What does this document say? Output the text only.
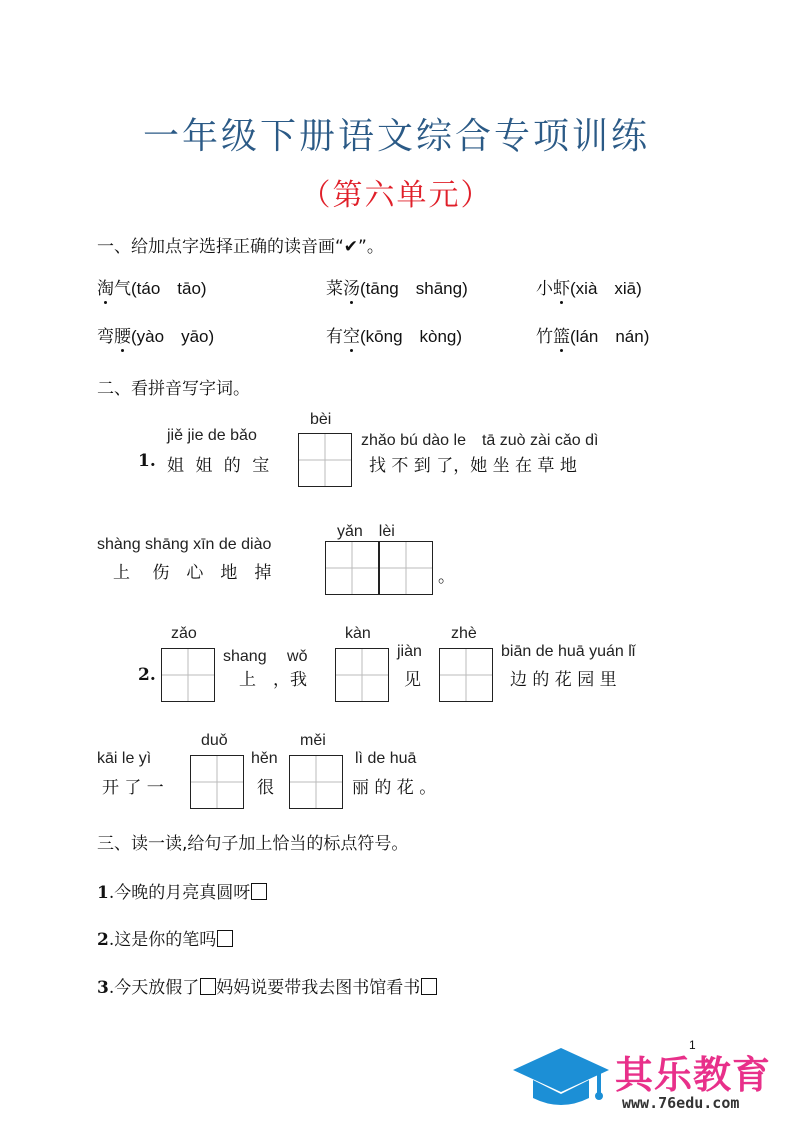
一年级下册语文综合专项训练
（第六单元）
一、给加点字选择正确的读音画“✔”。
淘气(táo　tāo)	菜汤(tāng　shāng)	小虾(xià　xiā)
弯腰(yào　yāo)	有空(kōng　kòng)	竹篮(lán　nán)
二、看拼音写字词。
jiě jie de bǎo
1. 姐 姐 的 宝
bèi
zhǎo bú dào le　tā zuò zài cǎo dì
找 不 到 了，她 坐 在 草 地
shàng shāng xīn de diào
上　 伤　心　地　掉
yǎn　lèi
。
2.
zǎo
shang　 wǒ
上　，我
kàn
jiàn
见
zhè
biān de huā yuán lǐ
边 的 花 园 里
kāi le yì
开 了 一
duǒ
hěn
很
měi
lì de huā
丽 的 花 。
三、读一读,给句子加上恰当的标点符号。
1.今晚的月亮真圆呀
2.这是你的笔吗
3.今天放假了 妈妈说要带我去图书馆看书
1
其乐教育
www.76edu.com
